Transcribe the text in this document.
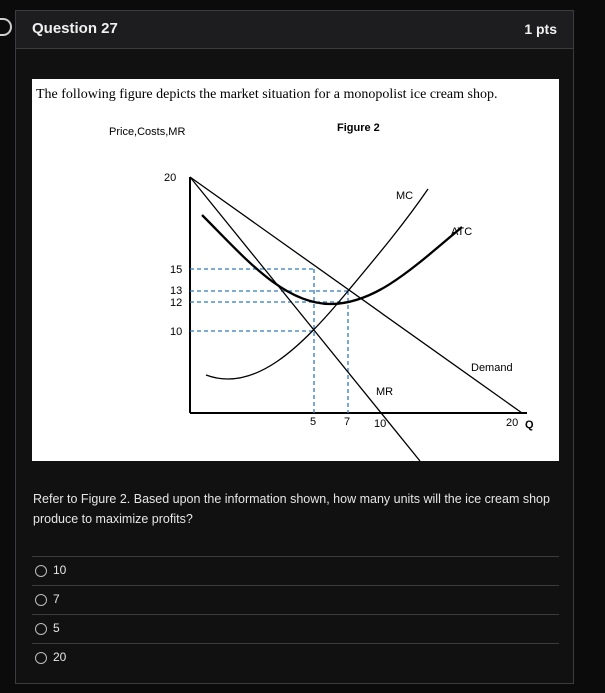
Question 27	1 pts
The following figure depicts the market situation for a monopolist ice cream shop.
Price,Costs,MR	Figure 2
20
15
13
12
10
5	7 10	20 Q
MC
ATC
Demand
MR
Refer to Figure 2. Based upon the information shown, how many units will the ice cream shop produce to maximize profits?
10
7
5
20
